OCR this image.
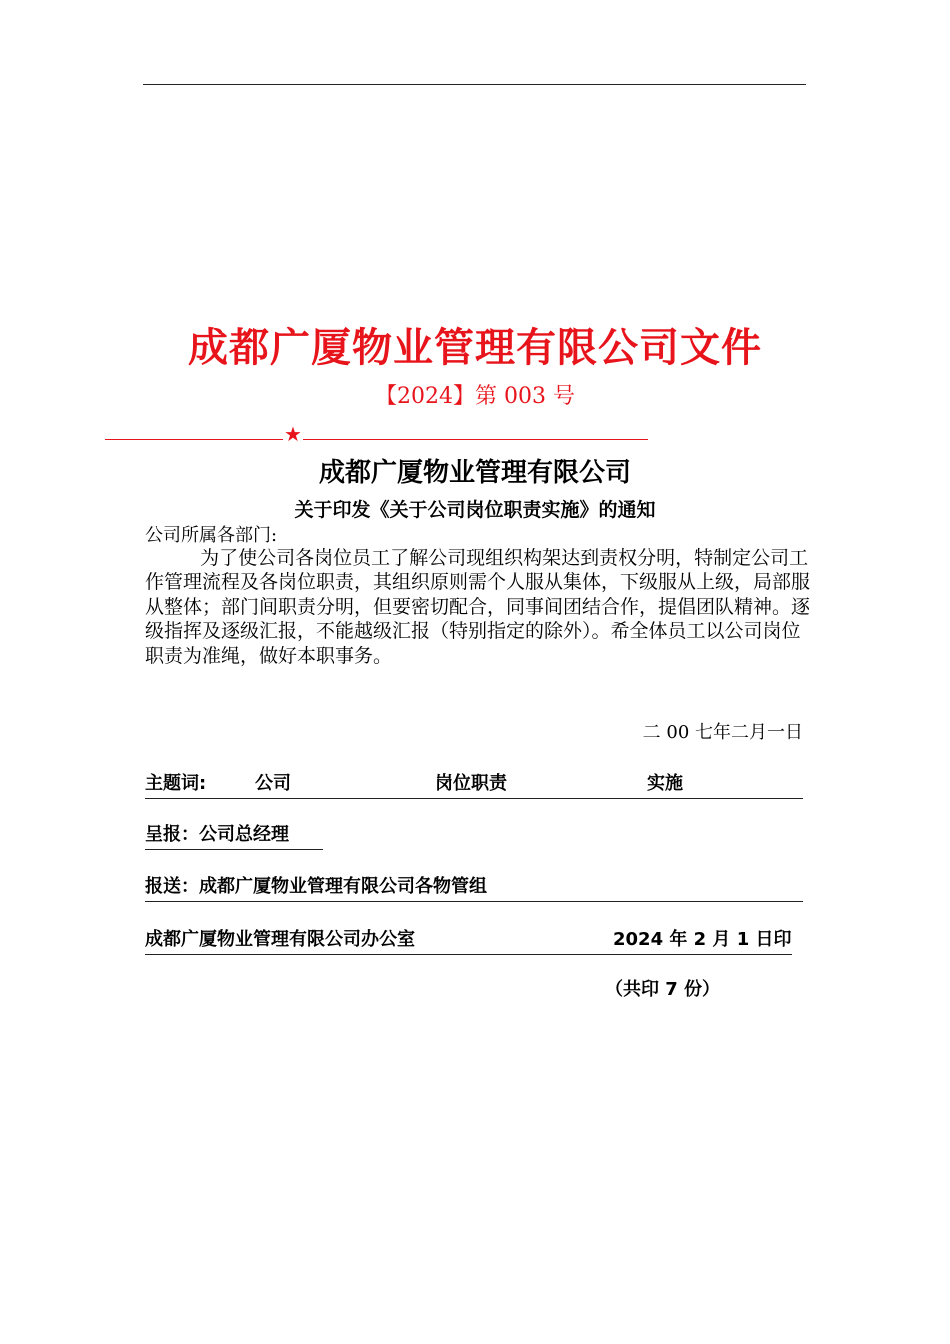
成都广厦物业管理有限公司文件
【2024】第 003 号
★
成都广厦物业管理有限公司
关于印发《关于公司岗位职责实施》的通知
公司所属各部门:

为了使公司各岗位员工了解公司现组织构架达到责权分明，特制定公司工作管理流程及各岗位职责，其组织原则需个人服从集体，下级服从上级，局部服从整体；部门间职责分明，但要密切配合，同事间团结合作，提倡团队精神。逐级指挥及逐级汇报，不能越级汇报（特别指定的除外）。希全体员工以公司岗位职责为准绳，做好本职事务。

二 00 七年二月一日
主题词:	公司	岗位职责	实施
呈报：公司总经理
报送：成都广厦物业管理有限公司各物管组
成都广厦物业管理有限公司办公室	2024 年 2 月 1 日印
（共印 7 份）
